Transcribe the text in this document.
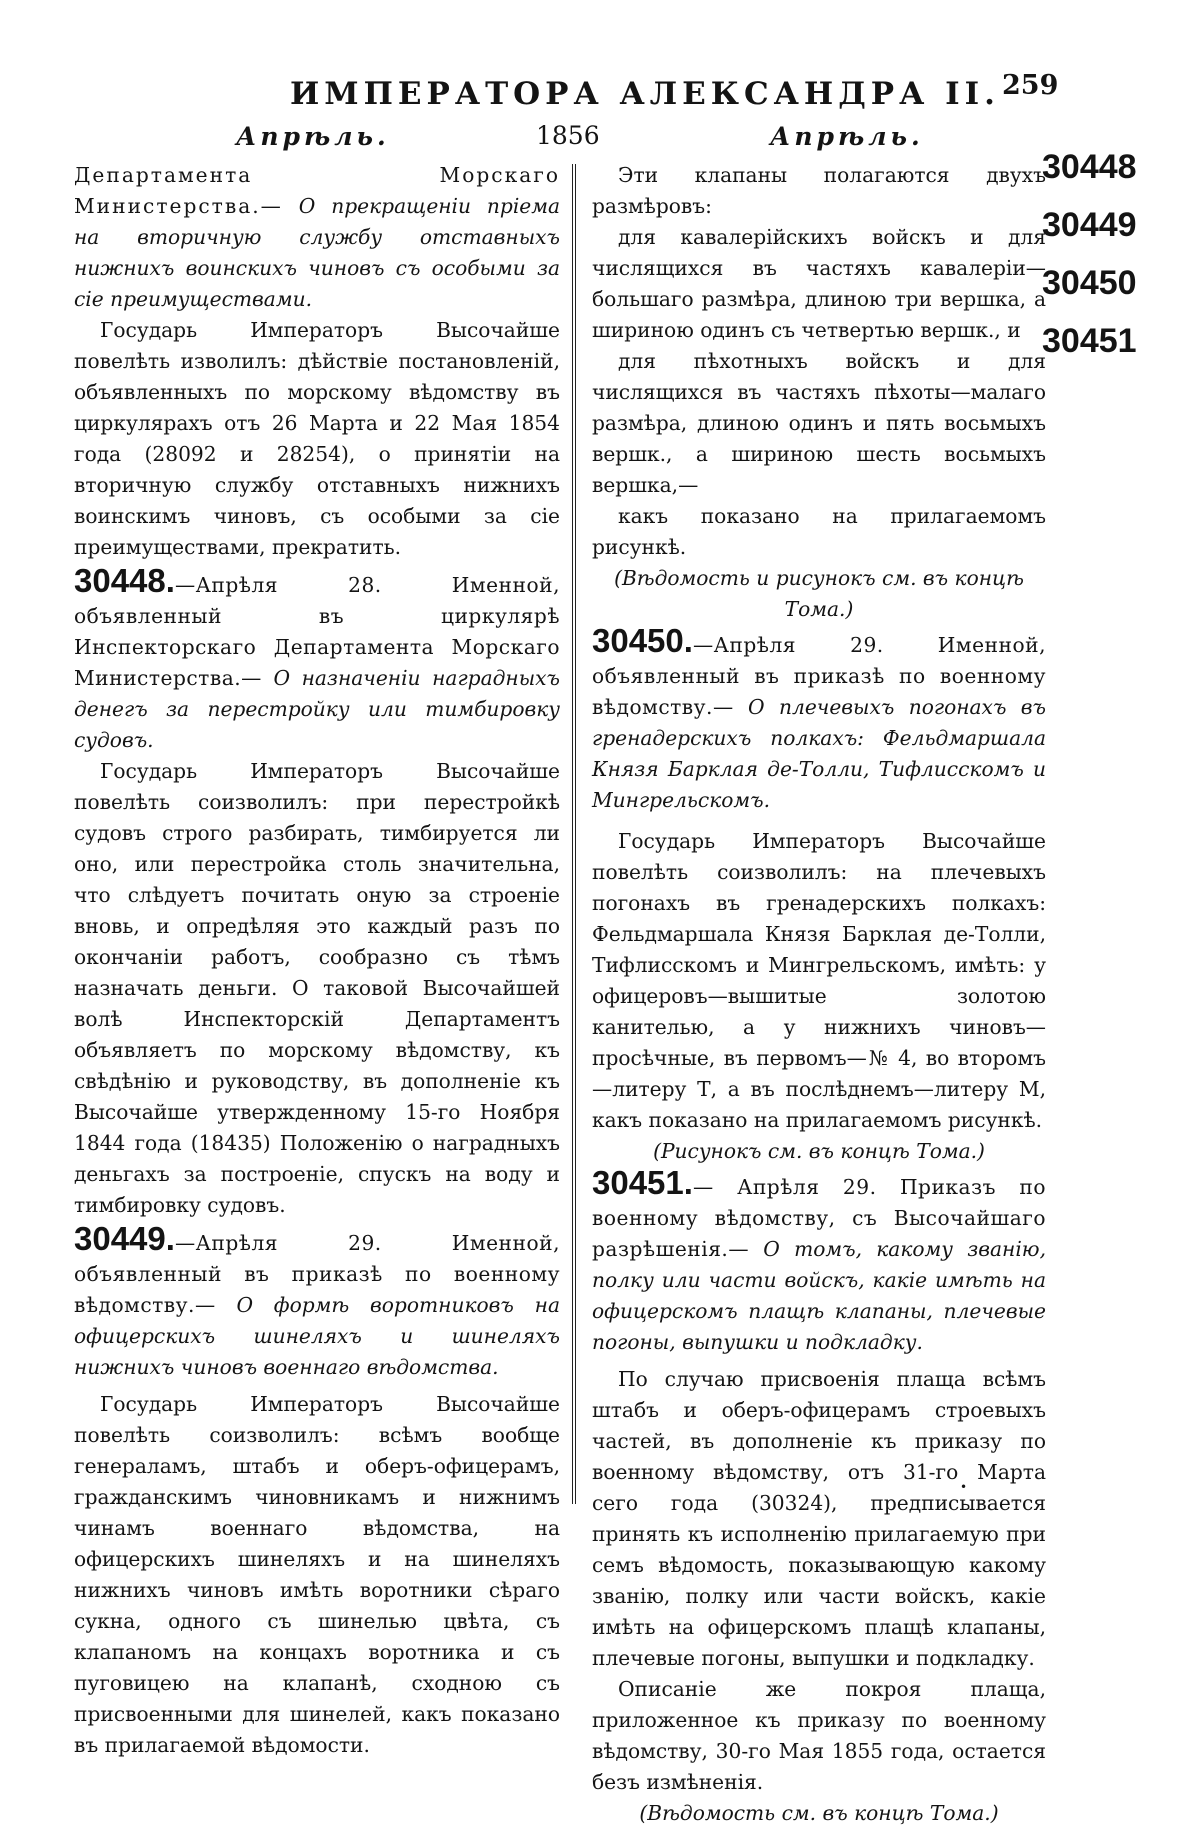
ИМПЕРАТОРА АЛЕКСАНДРА II. 259
Апрѣль.	1856	Апрѣль.

Департамента Морскаго Министерства.— О прекращеніи пріема на вторичную службу отставныхъ нижнихъ воинскихъ чиновъ съ особыми за сіе преимуществами.

Государь Императоръ Высочайше повелѣть изволилъ: дѣйствіе постановленій, объявленныхъ по морскому вѣдомству въ циркулярахъ отъ 26 Марта и 22 Мая 1854 года (28092 и 28254), о принятіи на вторичную службу отставныхъ нижнихъ воинскимъ чиновъ, съ особыми за сіе преимуществами, прекратить.

30448.—Апрѣля 28. Именной, объявленный въ циркулярѣ Инспекторскаго Департамента Морскаго Министерства.— О назначеніи наградныхъ денегъ за перестройку или тимбировку судовъ.

Государь Императоръ Высочайше повелѣть соизволилъ: при перестройкѣ судовъ строго разбирать, тимбируется ли оно, или перестройка столь значительна, что слѣдуетъ почитать оную за строеніе вновь, и опредѣляя это каждый разъ по окончаніи работъ, сообразно съ тѣмъ назначать деньги. О таковой Высочайшей волѣ Инспекторскій Департаментъ объявляетъ по морскому вѣдомству, къ свѣдѣнію и руководству, въ дополненіе къ Высочайше утвержденному 15-го Ноября 1844 года (18435) Положенію о наградныхъ деньгахъ за построеніе, спускъ на воду и тимбировку судовъ.

30449.—Апрѣля 29. Именной, объявленный въ приказѣ по военному вѣдомству.— О формѣ воротниковъ на офицерскихъ шинеляхъ и шинеляхъ нижнихъ чиновъ военнаго вѣдомства.

Государь Императоръ Высочайше повелѣть соизволилъ: всѣмъ вообще генераламъ, штабъ и оберъ-офицерамъ, гражданскимъ чиновникамъ и нижнимъ чинамъ военнаго вѣдомства, на офицерскихъ шинеляхъ и на шинеляхъ нижнихъ чиновъ имѣть воротники сѣраго сукна, одного съ шинелью цвѣта, съ клапаномъ на концахъ воротника и съ пуговицею на клапанѣ, сходною съ присвоенными для шинелей, какъ показано въ прилагаемой вѣдомости.

Эти клапаны полагаются двухъ размѣровъ:

для кавалерійскихъ войскъ и для числящихся въ частяхъ кавалеріи—большаго размѣра, длиною три вершка, а шириною одинъ съ четвертью вершк., и

для пѣхотныхъ войскъ и для числящихся въ частяхъ пѣхоты—малаго размѣра, длиною одинъ и пять восьмыхъ вершк., а шириною шесть восьмыхъ вершка,—

какъ показано на прилагаемомъ рисункѣ.

(Вѣдомость и рисунокъ см. въ концѣ Тома.)

30450.—Апрѣля 29. Именной, объявленный въ приказѣ по военному вѣдомству.— О плечевыхъ погонахъ въ гренадерскихъ полкахъ: Фельдмаршала Князя Барклая де-Толли, Тифлисскомъ и Мингрельскомъ.

Государь Императоръ Высочайше повелѣть соизволилъ: на плечевыхъ погонахъ въ гренадерскихъ полкахъ: Фельдмаршала Князя Барклая де-Толли, Тифлисскомъ и Мингрельскомъ, имѣть: у офицеровъ—вышитые золотою канителью, а у нижнихъ чиновъ—просѣчные, въ первомъ—№ 4, во второмъ—литеру Т, а въ послѣднемъ—литеру М, какъ показано на прилагаемомъ рисункѣ.

(Рисунокъ см. въ концѣ Тома.)

30451.— Апрѣля 29. Приказъ по военному вѣдомству, съ Высочайшаго разрѣшенія.— О томъ, какому званію, полку или части войскъ, какіе имѣть на офицерскомъ плащѣ клапаны, плечевые погоны, выпушки и подкладку.

По случаю присвоенія плаща всѣмъ штабъ и оберъ-офицерамъ строевыхъ частей, въ дополненіе къ приказу по военному вѣдомству, отъ 31-го Марта сего года (30324), предписывается принять къ исполненію прилагаемую при семъ вѣдомость, показывающую какому званію, полку или части войскъ, какіе имѣть на офицерскомъ плащѣ клапаны, плечевые погоны, выпушки и подкладку.

Описаніе же покроя плаща, приложенное къ приказу по военному вѣдомству, 30-го Мая 1855 года, остается безъ измѣненія.

(Вѣдомость см. въ концѣ Тома.)

30448
30449
30450
30451
•
